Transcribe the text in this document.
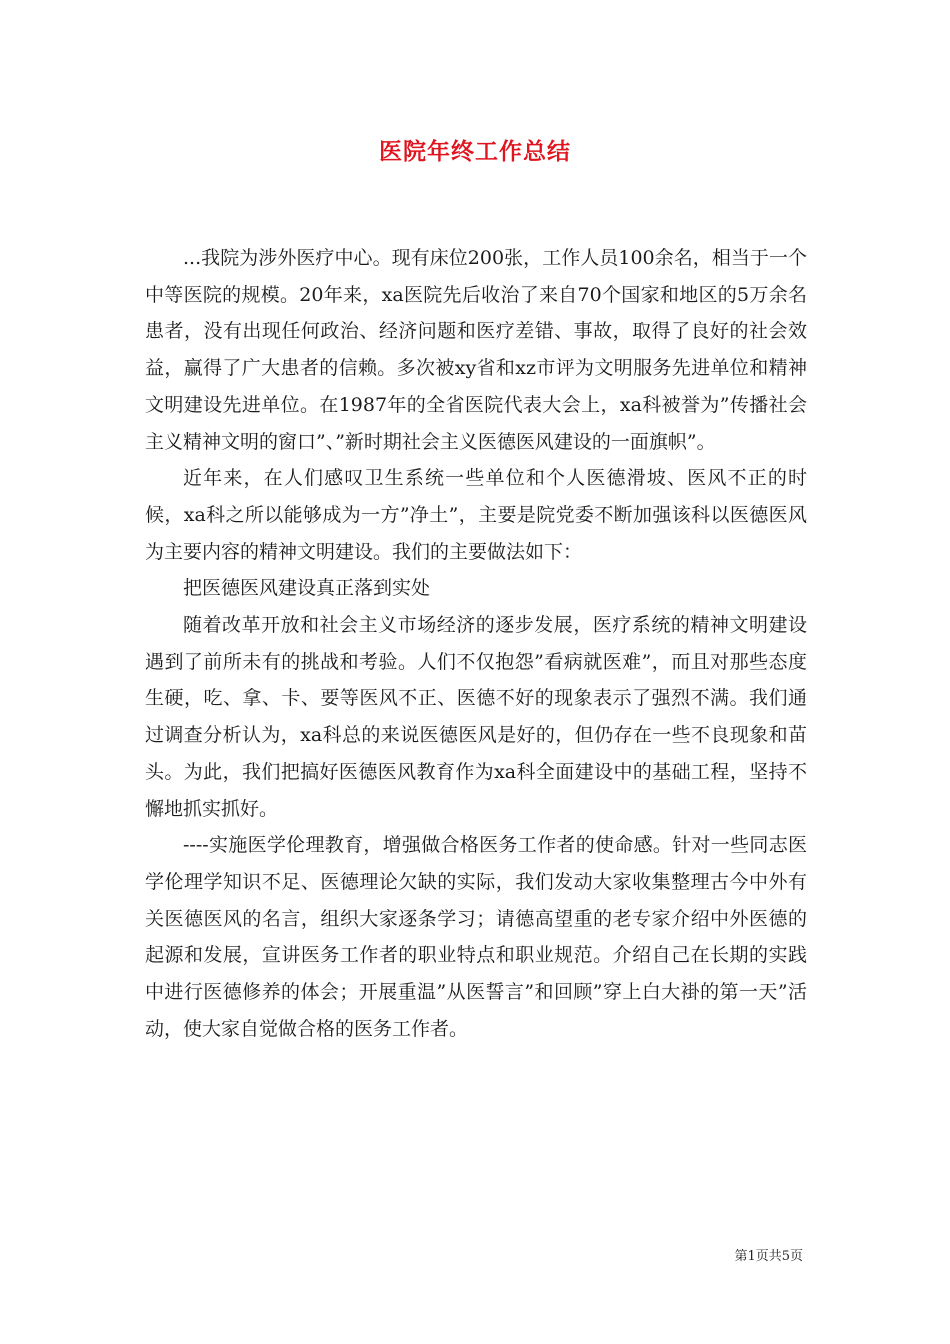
医院年终工作总结

...我院为涉外医疗中心。现有床位200张，工作人员100余名，相当于一个中等医院的规模。20年来，xa医院先后收治了来自70个国家和地区的5万余名患者，没有出现任何政治、经济问题和医疗差错、事故，取得了良好的社会效益，赢得了广大患者的信赖。多次被xy省和xz市评为文明服务先进单位和精神文明建设先进单位。在1987年的全省医院代表大会上，xa科被誉为”传播社会主义精神文明的窗口”、”新时期社会主义医德医风建设的一面旗帜”。

近年来，在人们感叹卫生系统一些单位和个人医德滑坡、医风不正的时候，xa科之所以能够成为一方”净土”，主要是院党委不断加强该科以医德医风为主要内容的精神文明建设。我们的主要做法如下：

把医德医风建设真正落到实处

随着改革开放和社会主义市场经济的逐步发展，医疗系统的精神文明建设遇到了前所未有的挑战和考验。人们不仅抱怨”看病就医难”，而且对那些态度生硬，吃、拿、卡、要等医风不正、医德不好的现象表示了强烈不满。我们通过调查分析认为，xa科总的来说医德医风是好的，但仍存在一些不良现象和苗头。为此，我们把搞好医德医风教育作为xa科全面建设中的基础工程，坚持不懈地抓实抓好。

----实施医学伦理教育，增强做合格医务工作者的使命感。针对一些同志医学伦理学知识不足、医德理论欠缺的实际，我们发动大家收集整理古今中外有关医德医风的名言，组织大家逐条学习；请德高望重的老专家介绍中外医德的起源和发展，宣讲医务工作者的职业特点和职业规范。介绍自己在长期的实践中进行医德修养的体会；开展重温”从医誓言”和回顾”穿上白大褂的第一天”活动，使大家自觉做合格的医务工作者。

第1页共5页
